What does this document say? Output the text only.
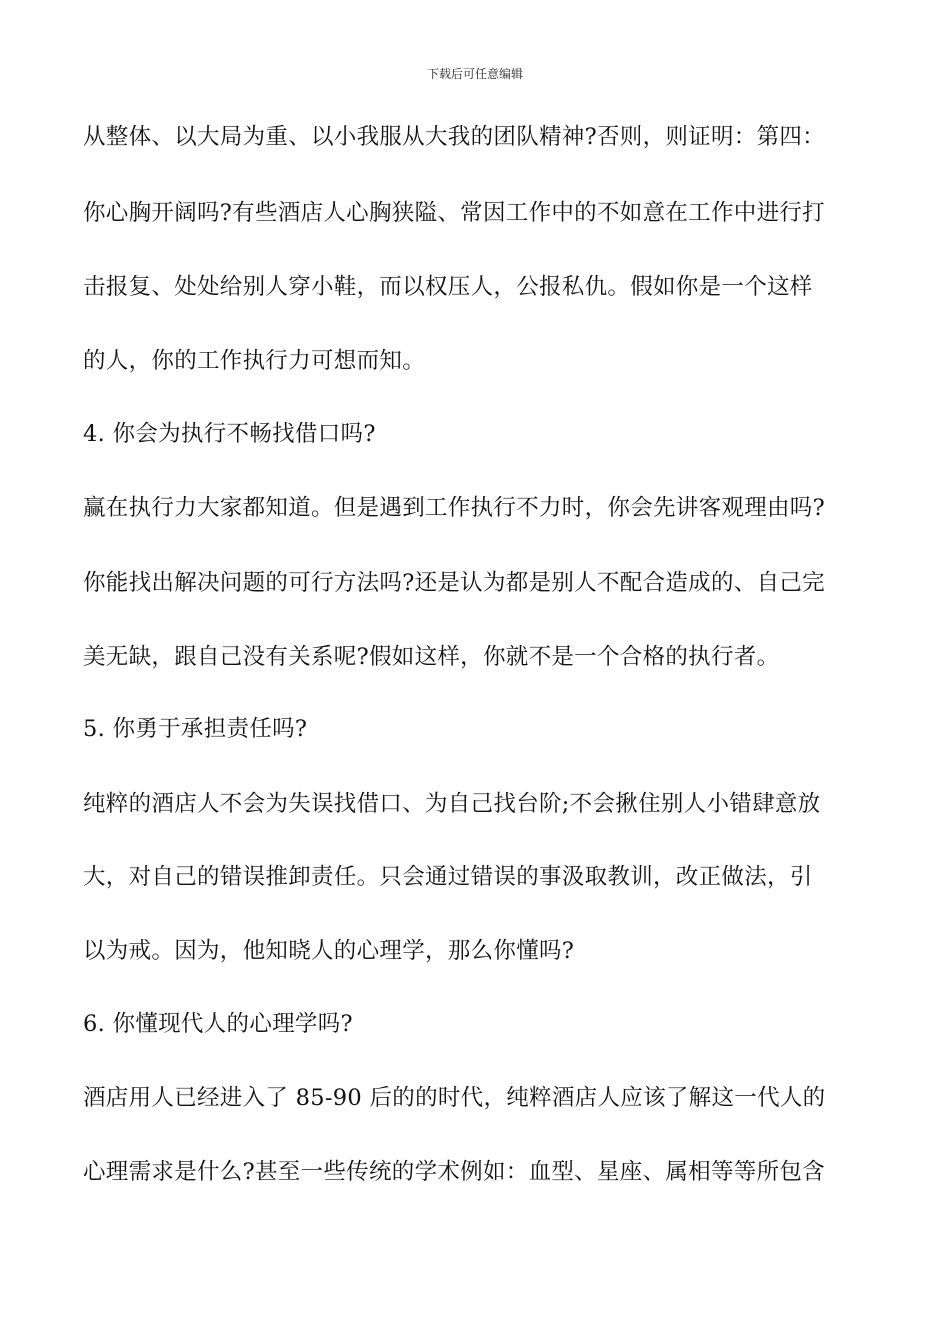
下载后可任意编辑
从整体、以大局为重、以小我服从大我的团队精神?否则，则证明：第四：
你心胸开阔吗?有些酒店人心胸狭隘、常因工作中的不如意在工作中进行打
击报复、处处给别人穿小鞋，而以权压人，公报私仇。假如你是一个这样
的人，你的工作执行力可想而知。
4. 你会为执行不畅找借口吗?
赢在执行力大家都知道。但是遇到工作执行不力时，你会先讲客观理由吗?
你能找出解决问题的可行方法吗?还是认为都是别人不配合造成的、自己完
美无缺，跟自己没有关系呢?假如这样，你就不是一个合格的执行者。
5. 你勇于承担责任吗?
纯粹的酒店人不会为失误找借口、为自己找台阶;不会揪住别人小错肆意放
大，对自己的错误推卸责任。只会通过错误的事汲取教训，改正做法，引
以为戒。因为，他知晓人的心理学，那么你懂吗?
6. 你懂现代人的心理学吗?
酒店用人已经进入了 85-90 后的的时代，纯粹酒店人应该了解这一代人的
心理需求是什么?甚至一些传统的学术例如：血型、星座、属相等等所包含
